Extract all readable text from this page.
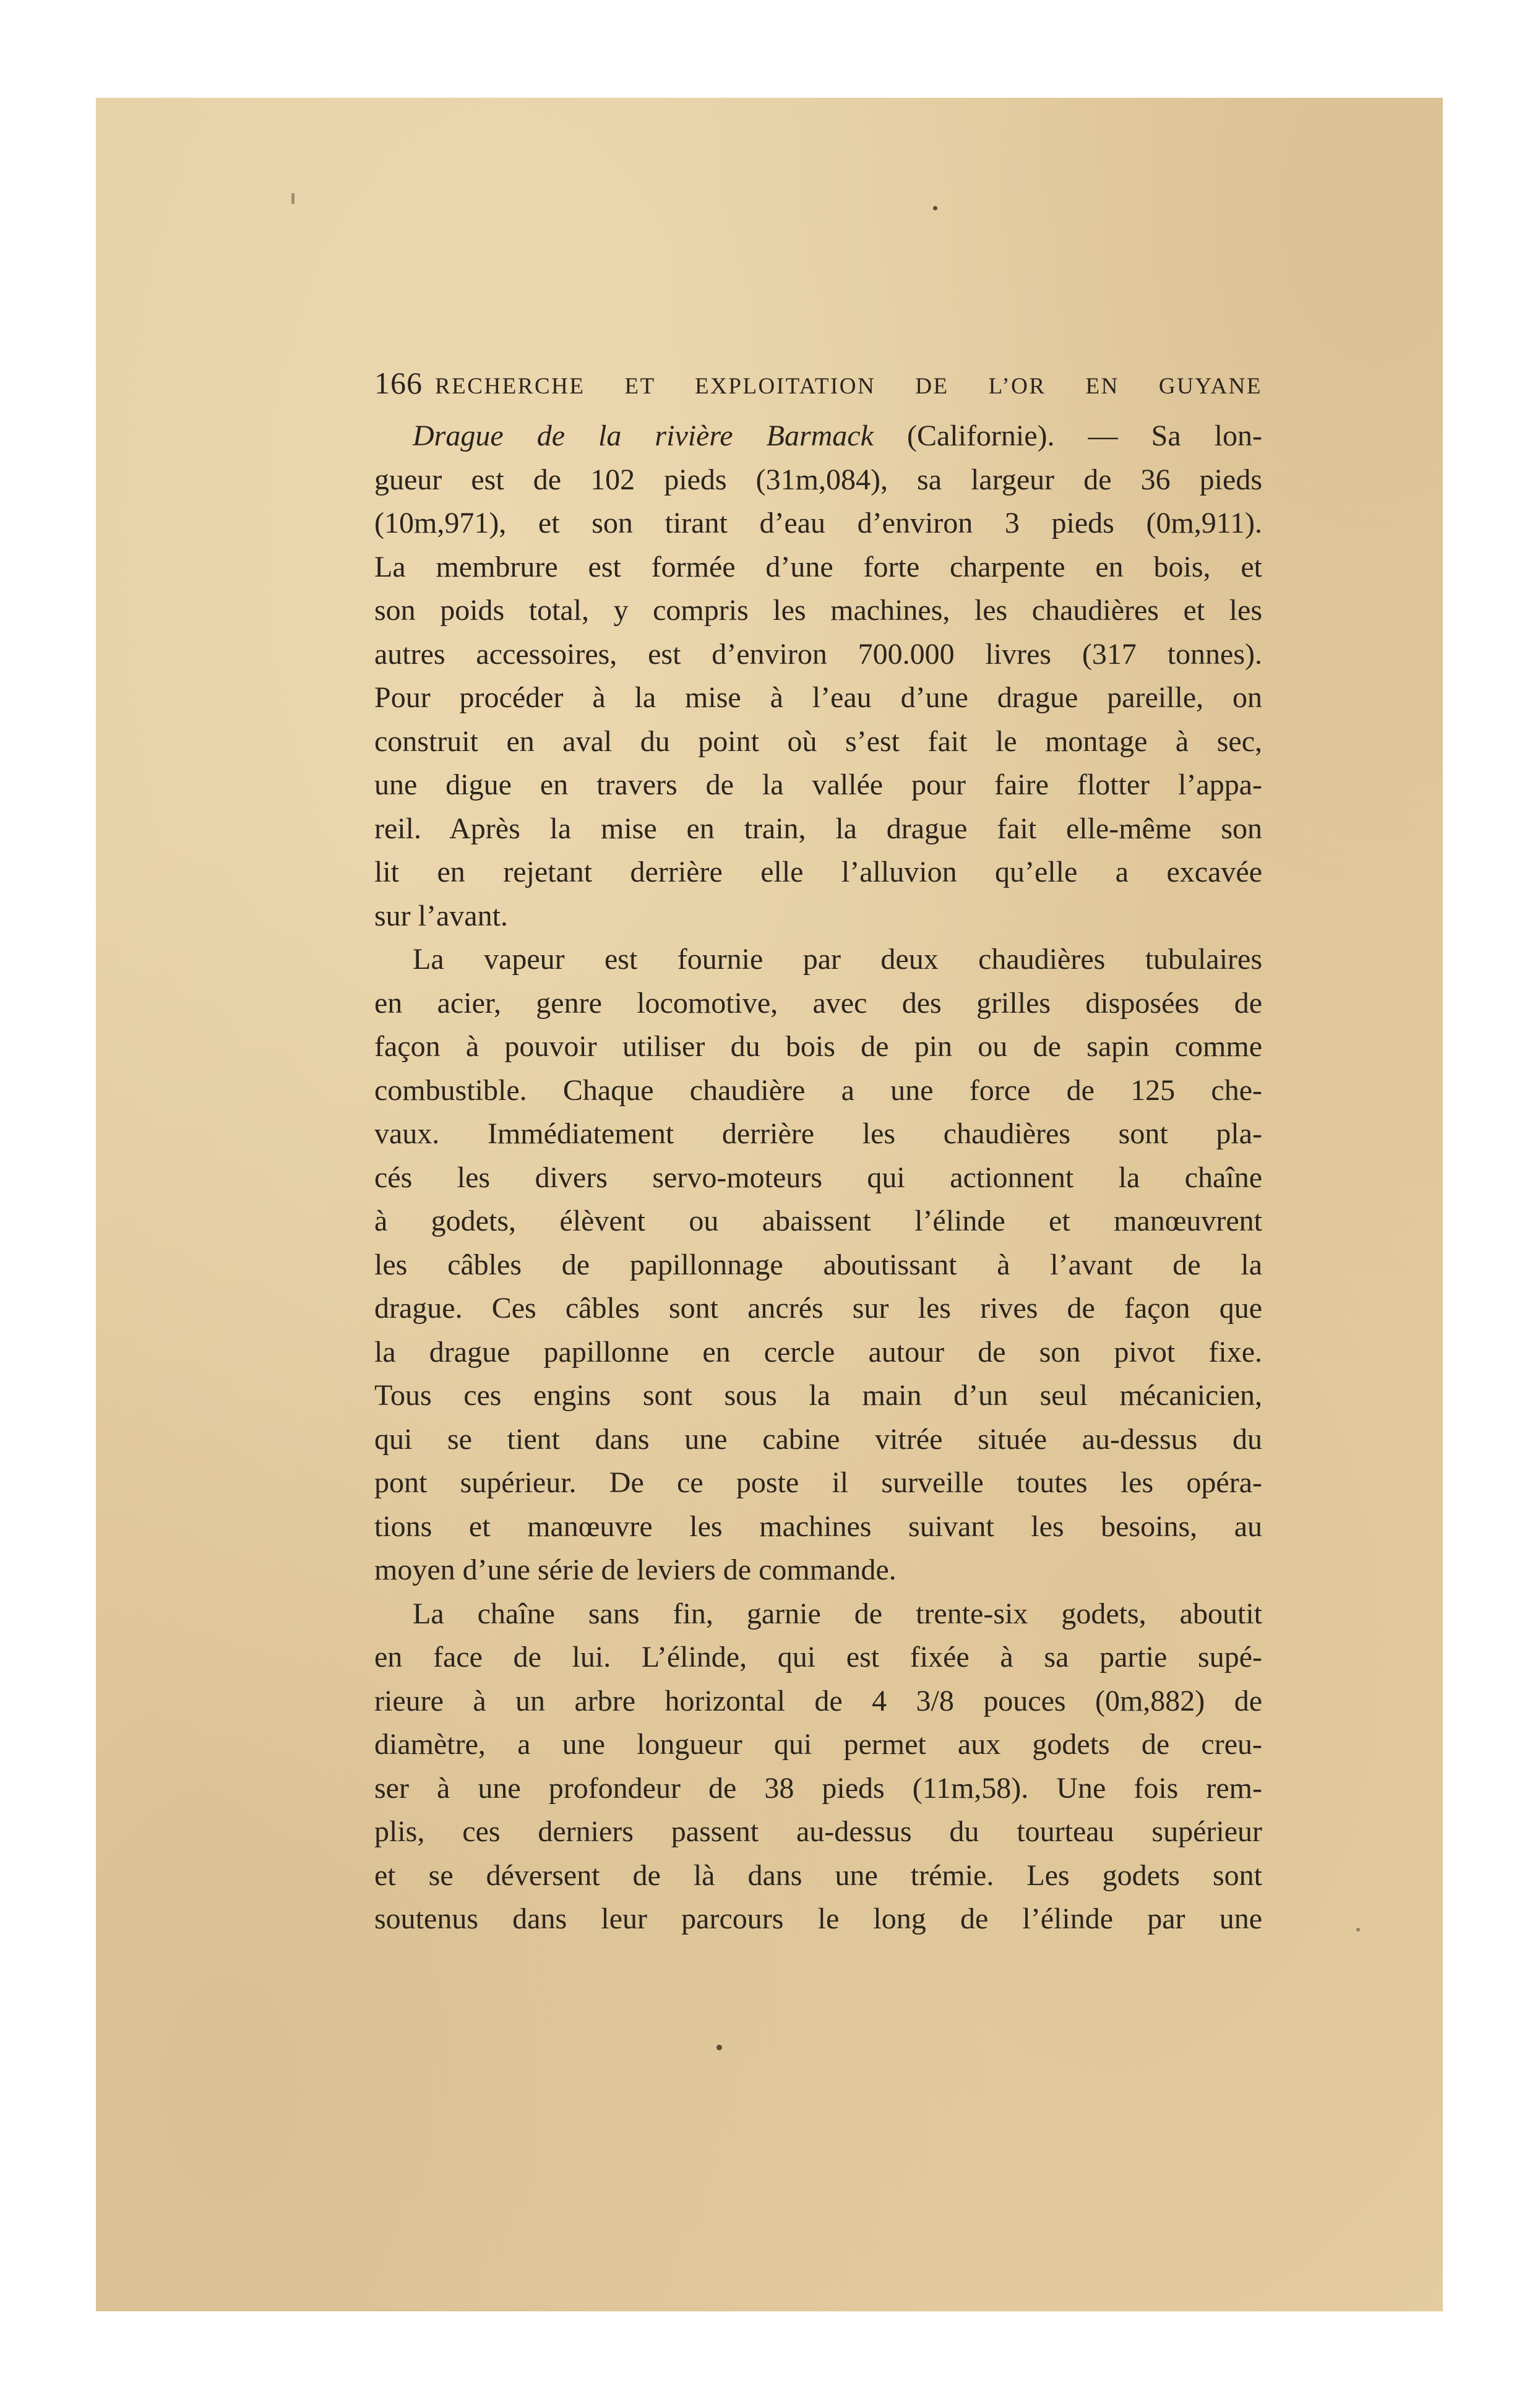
166 RECHERCHE ET EXPLOITATION DE L’OR EN GUYANE
Drague de la rivière Barmack (Californie). — Sa lon-
gueur est de 102 pieds (31m,084), sa largeur de 36 pieds
(10m,971), et son tirant d’eau d’environ 3 pieds (0m,911).
La membrure est formée d’une forte charpente en bois, et
son poids total, y compris les machines, les chaudières et les
autres accessoires, est d’environ 700.000 livres (317 tonnes).
Pour procéder à la mise à l’eau d’une drague pareille, on
construit en aval du point où s’est fait le montage à sec,
une digue en travers de la vallée pour faire flotter l’appa-
reil. Après la mise en train, la drague fait elle-même son
lit en rejetant derrière elle l’alluvion qu’elle a excavée
sur l’avant.
La vapeur est fournie par deux chaudières tubulaires
en acier, genre locomotive, avec des grilles disposées de
façon à pouvoir utiliser du bois de pin ou de sapin comme
combustible. Chaque chaudière a une force de 125 che-
vaux. Immédiatement derrière les chaudières sont pla-
cés les divers servo-moteurs qui actionnent la chaîne
à godets, élèvent ou abaissent l’élinde et manœuvrent
les câbles de papillonnage aboutissant à l’avant de la
drague. Ces câbles sont ancrés sur les rives de façon que
la drague papillonne en cercle autour de son pivot fixe.
Tous ces engins sont sous la main d’un seul mécanicien,
qui se tient dans une cabine vitrée située au-dessus du
pont supérieur. De ce poste il surveille toutes les opéra-
tions et manœuvre les machines suivant les besoins, au
moyen d’une série de leviers de commande.
La chaîne sans fin, garnie de trente-six godets, aboutit
en face de lui. L’élinde, qui est fixée à sa partie supé-
rieure à un arbre horizontal de 4 3/8 pouces (0m,882) de
diamètre, a une longueur qui permet aux godets de creu-
ser à une profondeur de 38 pieds (11m,58). Une fois rem-
plis, ces derniers passent au-dessus du tourteau supérieur
et se déversent de là dans une trémie. Les godets sont
soutenus dans leur parcours le long de l’élinde par une
